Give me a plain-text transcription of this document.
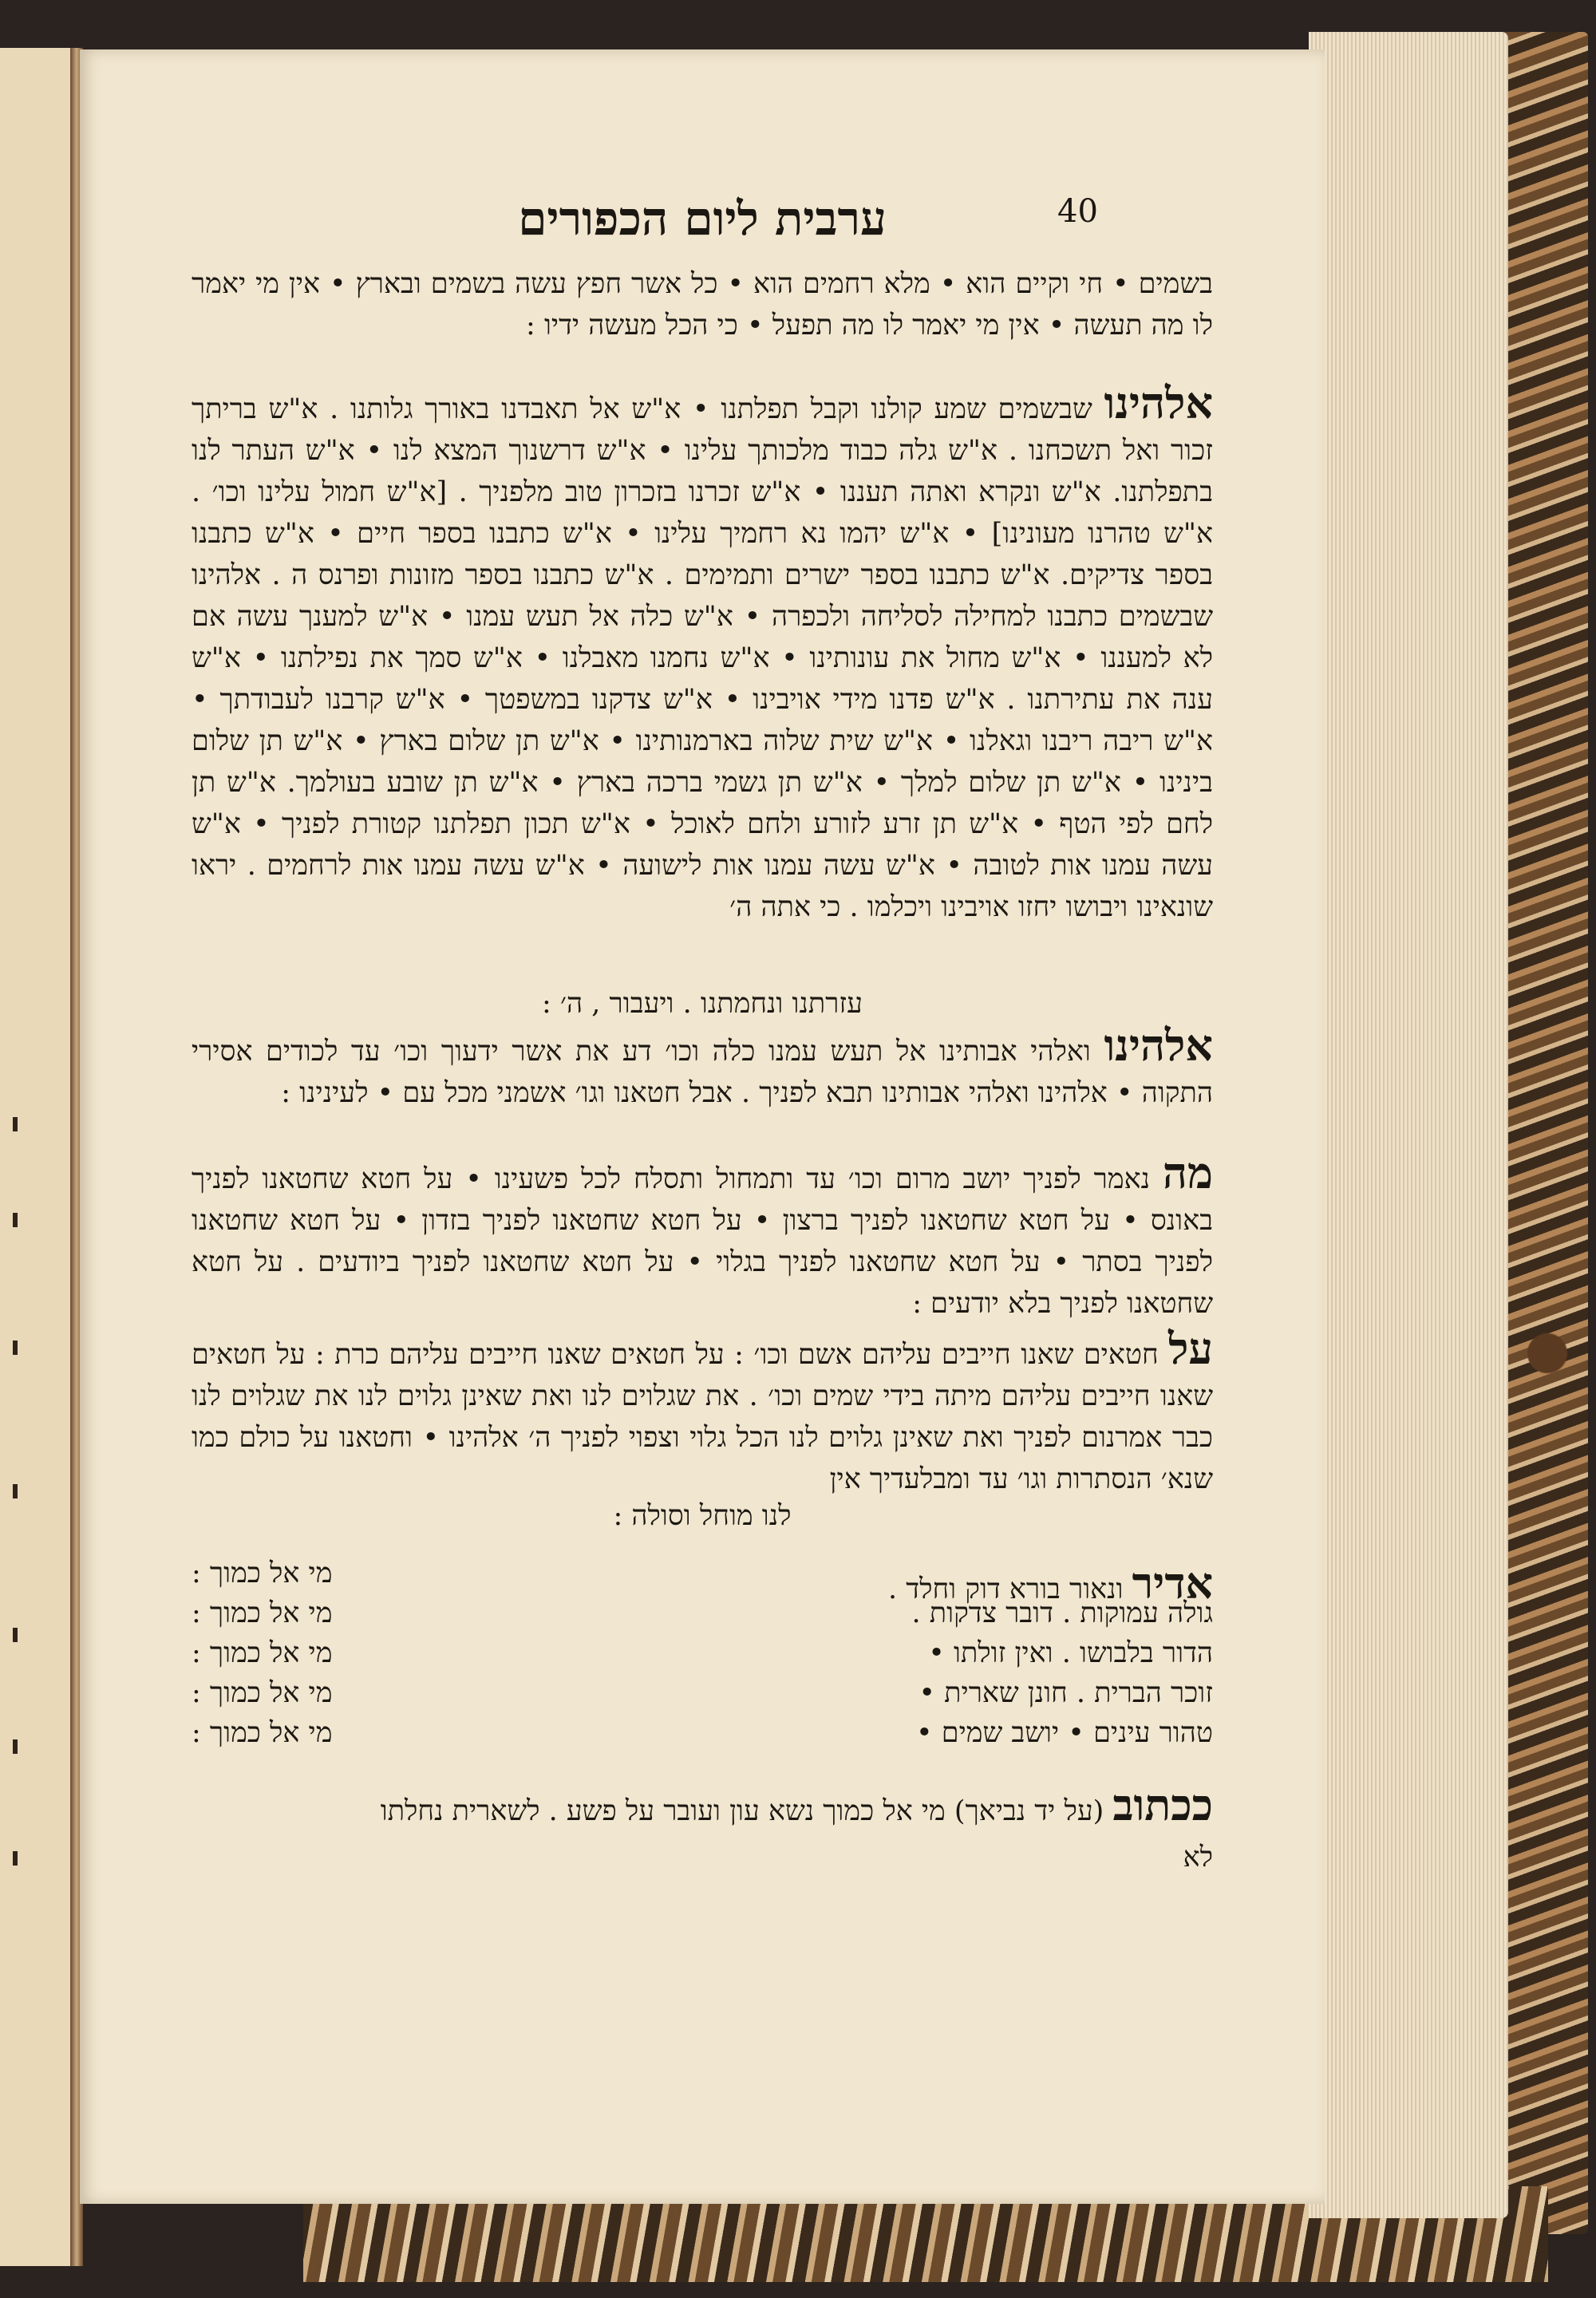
ערבית ליום הכפורים	40
בשמים • חי וקיים הוא • מלא רחמים הוא • כל אשר חפץ עשה בשמים ובארץ • אין מי יאמר לו מה תעשה • אין מי יאמר לו מה תפעל • כי הכל מעשה ידיו :
אלהינו שבשמים שמע קולנו וקבל תפלתנו • א"ש אל תאבדנו באורך גלותנו . א"ש בריתך זכור ואל תשכחנו . א"ש גלה כבוד מלכותך עלינו • א"ש דרשנוך המצא לנו • א"ש העתר לנו בתפלתנו. א"ש ונקרא ואתה תעננו • א"ש זכרנו בזכרון טוב מלפניך . [א"ש חמול עלינו וכו׳ . א"ש טהרנו מעונינו] • א"ש יהמו נא רחמיך עלינו • א"ש כתבנו בספר חיים • א"ש כתבנו בספר צדיקים. א"ש כתבנו בספר ישרים ותמימים . א"ש כתבנו בספר מזונות ופרנס ה . אלהינו שבשמים כתבנו למחילה לסליחה ולכפרה • א"ש כלה אל תעש עמנו • א"ש למענך עשה אם לא למעננו • א"ש מחול את עונותינו • א"ש נחמנו מאבלנו • א"ש סמך את נפילתנו • א"ש ענה את עתירתנו . א"ש פדנו מידי אויבינו • א"ש צדקנו במשפטך • א"ש קרבנו לעבודתך • א"ש ריבה ריבנו וגאלנו • א"ש שית שלוה בארמנותינו • א"ש תן שלום בארץ • א"ש תן שלום בינינו • א"ש תן שלום למלך • א"ש תן גשמי ברכה בארץ • א"ש תן שובע בעולמך. א"ש תן לחם לפי הטף • א"ש תן זרע לזורע ולחם לאוכל • א"ש תכון תפלתנו קטורת לפניך • א"ש עשה עמנו אות לטובה • א"ש עשה עמנו אות לישועה • א"ש עשה עמנו אות לרחמים . יראו שונאינו ויבושו יחזו אויבינו ויכלמו . כי אתה ה׳
עזרתנו ונחמתנו . ויעבור , ה׳ :
אלהינו ואלהי אבותינו אל תעש עמנו כלה וכו׳ דע את אשר ידעוך וכו׳ עד לכודים אסירי התקוה • אלהינו ואלהי אבותינו תבא לפניך . אבל חטאנו וגו׳ אשמני מכל עם • לעינינו :
מה נאמר לפניך יושב מרום וכו׳ עד ותמחול ותסלח לכל פשעינו • על חטא שחטאנו לפניך באונס • על חטא שחטאנו לפניך ברצון • על חטא שחטאנו לפניך בזדון • על חטא שחטאנו לפניך בסתר • על חטא שחטאנו לפניך בגלוי • על חטא שחטאנו לפניך ביודעים . על חטא שחטאנו לפניך בלא יודעים :
על חטאים שאנו חייבים עליהם אשם וכו׳ : על חטאים שאנו חייבים עליהם כרת : על חטאים שאנו חייבים עליהם מיתה בידי שמים וכו׳ . את שגלוים לנו ואת שאינן גלוים לנו את שגלוים לנו כבר אמרנום לפניך ואת שאינן גלוים לנו הכל גלוי וצפוי לפניך ה׳ אלהינו • וחטאנו על כולם כמו שנא׳ הנסתרות וגו׳ עד ומבלעדיך אין
לנו מוחל וסולה :
אדיר ונאור בורא דוק וחלד .
מי אל כמוך :
גולה עמוקות . דובר צדקות .
מי אל כמוך :
הדור בלבושו . ואין זולתו •
מי אל כמוך :
זוכר הברית . חונן שארית •
מי אל כמוך :
טהור עינים • יושב שמים •
מי אל כמוך :
ככתוב (על יד נביאך) מי אל כמוך נשא עון ועובר על פשע . לשארית נחלתו
לא
